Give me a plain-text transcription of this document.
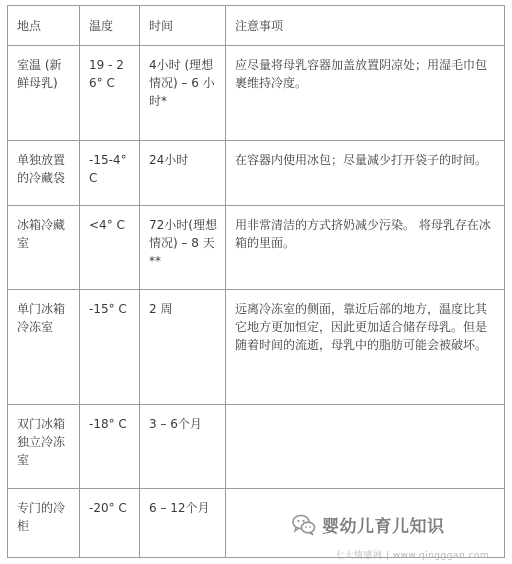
地点	温度	时间	注意事项
室温 (新鲜母乳)	19 - 26° C	4小时 (理想情况) – 6 小时*	应尽量将母乳容器加盖放置阴凉处；用湿毛巾包裹维持冷度。
单独放置的冷藏袋	-15-4° C	24小时	在容器内使用冰包；尽量减少打开袋子的时间。
冰箱冷藏室	<4° C	72小时(理想情况) – 8 天**	用非常清洁的方式挤奶减少污染。 将母乳存在冰箱的里面。
单门冰箱冷冻室	-15° C	2 周	远离冷冻室的侧面，靠近后部的地方，温度比其它地方更加恒定，因此更加适合储存母乳。但是随着时间的流逝，母乳中的脂肪可能会被破坏。
双门冰箱独立冷冻室	-18° C	3 – 6个月	
专门的冷柜	-20° C	6 – 12个月	
婴幼儿育儿知识
七大情感网 | www.qingggan.com
